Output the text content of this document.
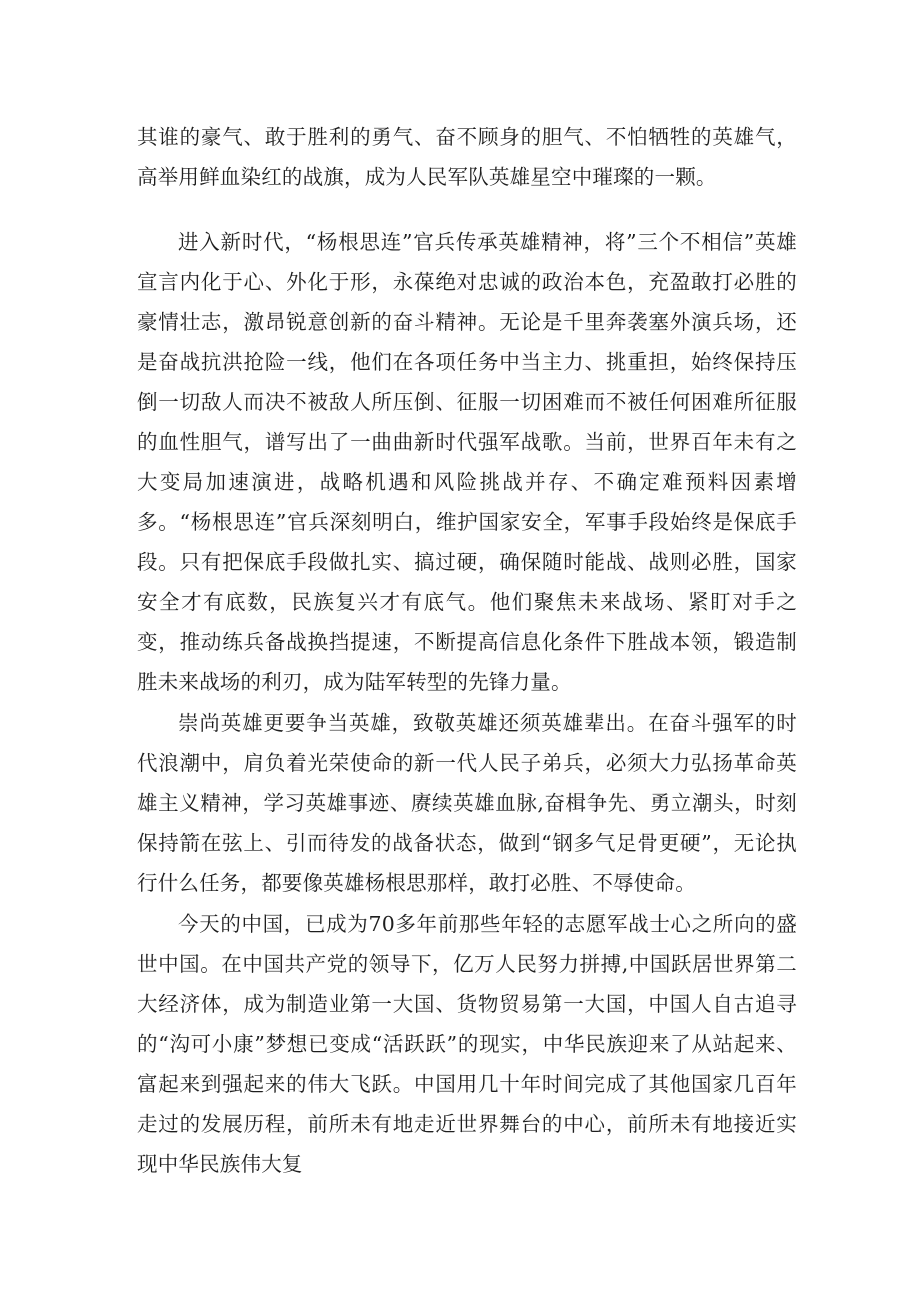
其谁的豪气、敢于胜利的勇气、奋不顾身的胆气、不怕牺牲的英雄气，高举用鲜血染红的战旗，成为人民军队英雄星空中璀璨的一颗。

进入新时代，“杨根思连”官兵传承英雄精神，将”三个不相信”英雄宣言内化于心、外化于形，永葆绝对忠诚的政治本色，充盈敢打必胜的豪情壮志，激昂锐意创新的奋斗精神。无论是千里奔袭塞外演兵场，还是奋战抗洪抢险一线，他们在各项任务中当主力、挑重担，始终保持压倒一切敌人而决不被敌人所压倒、征服一切困难而不被任何困难所征服的血性胆气，谱写出了一曲曲新时代强军战歌。当前，世界百年未有之大变局加速演进，战略机遇和风险挑战并存、不确定难预料因素增多。“杨根思连”官兵深刻明白，维护国家安全，军事手段始终是保底手段。只有把保底手段做扎实、搞过硬，确保随时能战、战则必胜，国家安全才有底数，民族复兴才有底气。他们聚焦未来战场、紧盯对手之变，推动练兵备战换挡提速，不断提高信息化条件下胜战本领，锻造制胜未来战场的利刃，成为陆军转型的先锋力量。

崇尚英雄更要争当英雄，致敬英雄还须英雄辈出。在奋斗强军的时代浪潮中，肩负着光荣使命的新一代人民子弟兵，必须大力弘扬革命英雄主义精神，学习英雄事迹、赓续英雄血脉,奋楫争先、勇立潮头，时刻保持箭在弦上、引而待发的战备状态，做到“钢多气足骨更硬”，无论执行什么任务，都要像英雄杨根思那样，敢打必胜、不辱使命。

今天的中国，已成为70多年前那些年轻的志愿军战士心之所向的盛世中国。在中国共产党的领导下，亿万人民努力拼搏,中国跃居世界第二大经济体，成为制造业第一大国、货物贸易第一大国，中国人自古追寻的“沟可小康”梦想已变成“活跃跃”的现实，中华民族迎来了从站起来、富起来到强起来的伟大飞跃。中国用几十年时间完成了其他国家几百年走过的发展历程，前所未有地走近世界舞台的中心，前所未有地接近实现中华民族伟大复
